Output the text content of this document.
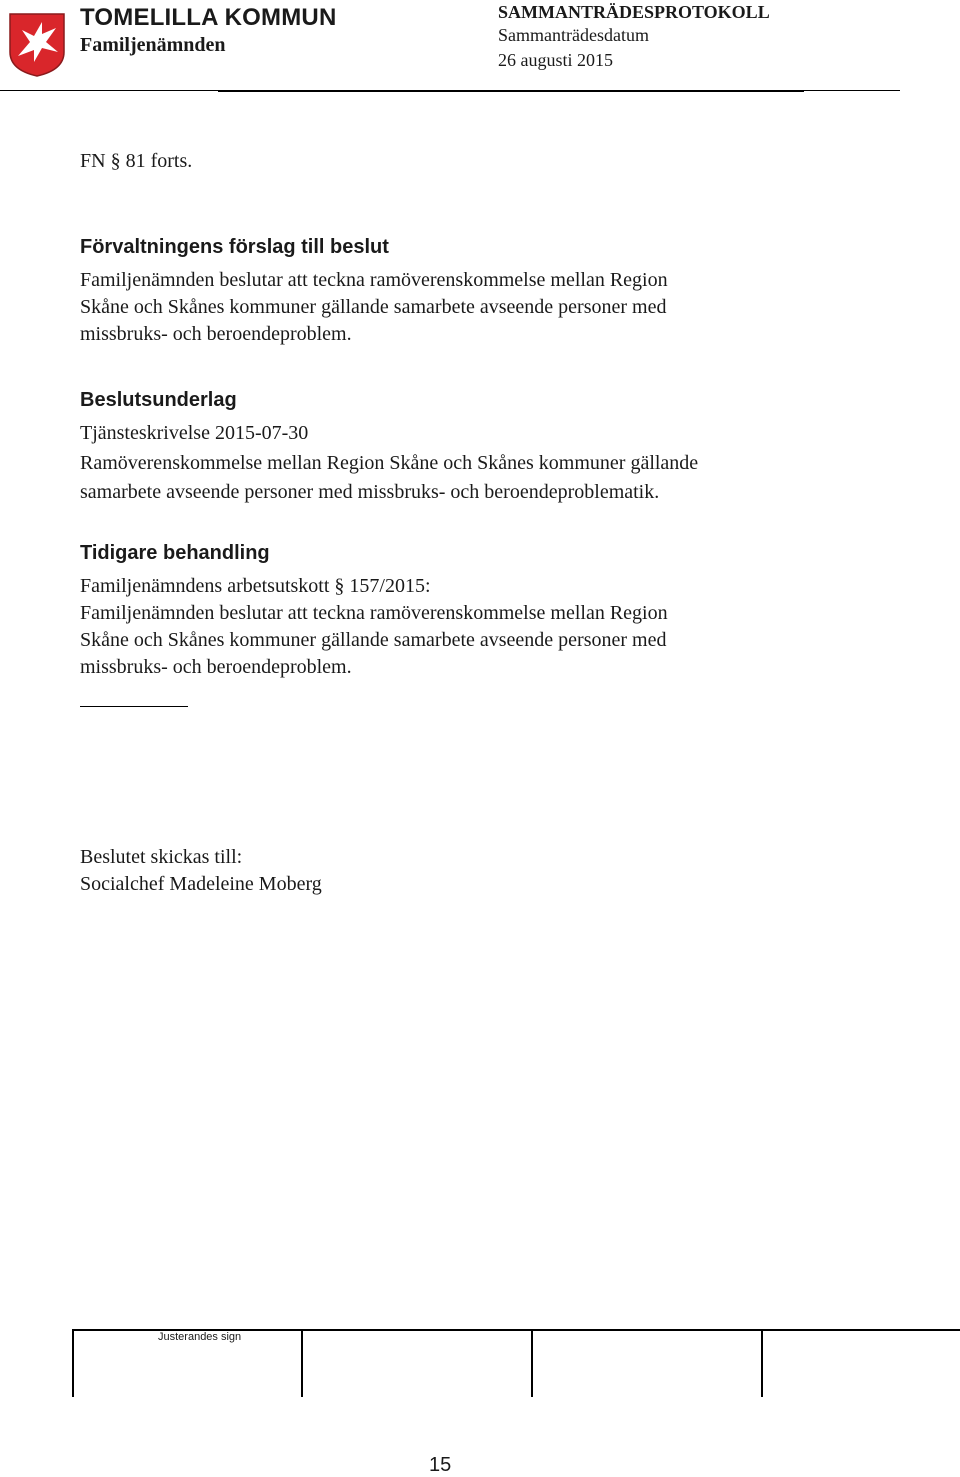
TOMELILLA KOMMUN
Familjenämnden
SAMMANTRÄDESPROTOKOLL
Sammanträdesdatum
26 augusti 2015

FN § 81 forts.

Förvaltningens förslag till beslut

Familjenämnden beslutar att teckna ramöverenskommelse mellan Region

Skåne och Skånes kommuner gällande samarbete avseende personer med

missbruks- och beroendeproblem.

Beslutsunderlag

Tjänsteskrivelse 2015-07-30

Ramöverenskommelse mellan Region Skåne och Skånes kommuner gällande

samarbete avseende personer med missbruks- och beroendeproblematik.

Tidigare behandling

Familjenämndens arbetsutskott § 157/2015:

Familjenämnden beslutar att teckna ramöverenskommelse mellan Region

Skåne och Skånes kommuner gällande samarbete avseende personer med

missbruks- och beroendeproblem.

Beslutet skickas till:

Socialchef Madeleine Moberg

Justerandes sign
15
